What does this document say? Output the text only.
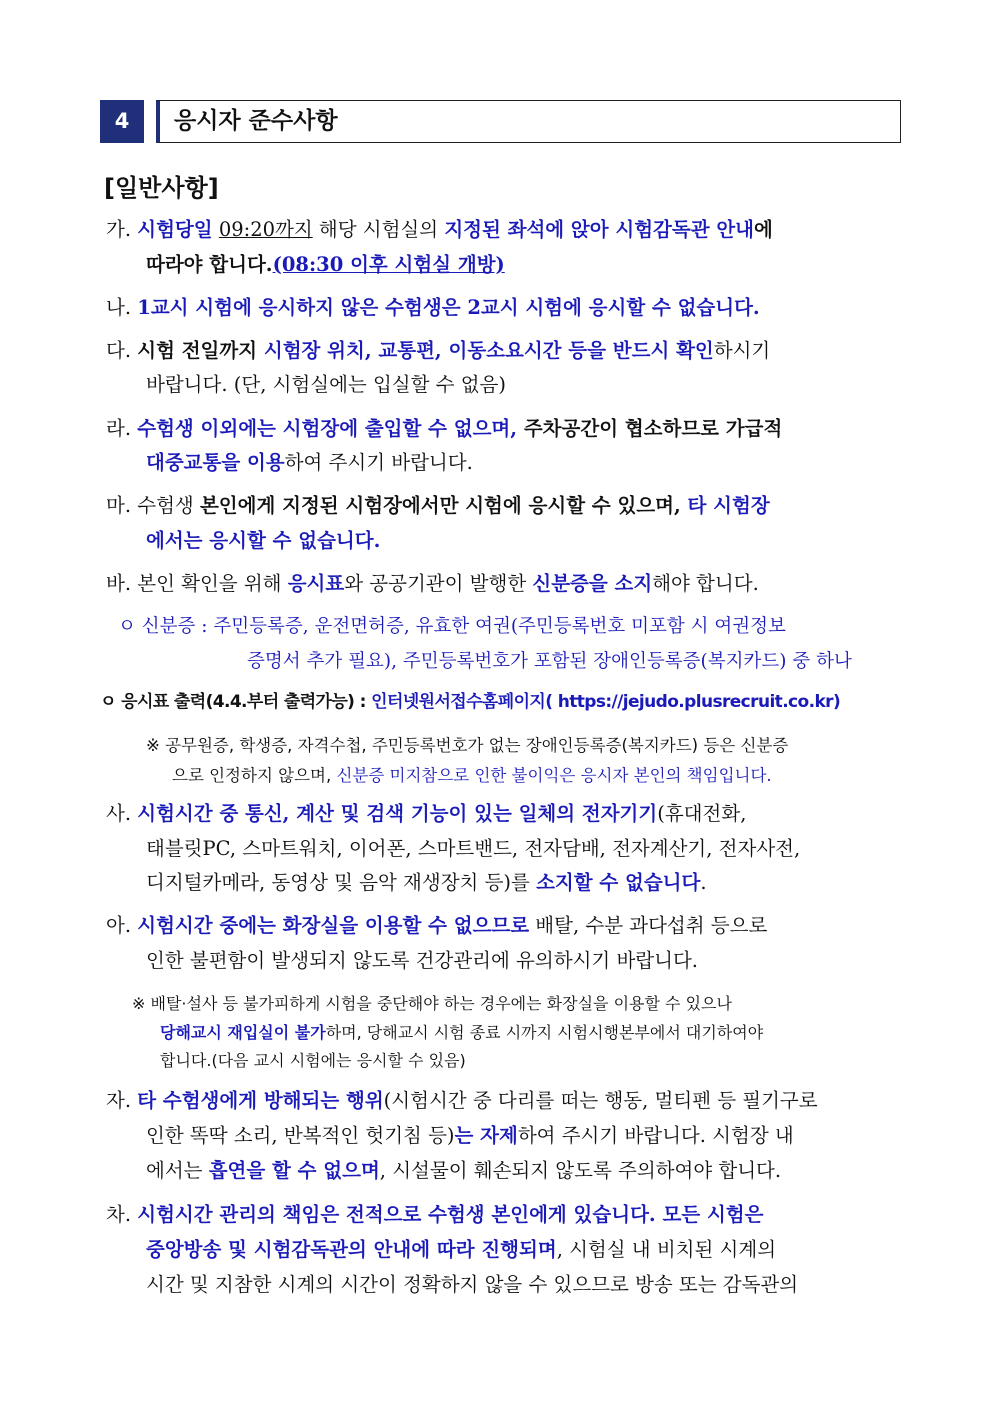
4	응시자 준수사항
[일반사항]
가. 시험당일 09:20까지 해당 시험실의 지정된 좌석에 앉아 시험감독관 안내에
따라야 합니다.(08:30 이후 시험실 개방)
나. 1교시 시험에 응시하지 않은 수험생은 2교시 시험에 응시할 수 없습니다.
다. 시험 전일까지 시험장 위치, 교통편, 이동소요시간 등을 반드시 확인하시기
바랍니다. (단, 시험실에는 입실할 수 없음)
라. 수험생 이외에는 시험장에 출입할 수 없으며, 주차공간이 협소하므로 가급적
대중교통을 이용하여 주시기 바랍니다.
마. 수험생 본인에게 지정된 시험장에서만 시험에 응시할 수 있으며, 타 시험장
에서는 응시할 수 없습니다.
바. 본인 확인을 위해 응시표와 공공기관이 발행한 신분증을 소지해야 합니다.
ㅇ 신분증 : 주민등록증, 운전면허증, 유효한 여권(주민등록번호 미포함 시 여권정보
증명서 추가 필요), 주민등록번호가 포함된 장애인등록증(복지카드) 중 하나
ㅇ 응시표 출력(4.4.부터 출력가능) : 인터넷원서접수홈페이지( https://jejudo.plusrecruit.co.kr)
※ 공무원증, 학생증, 자격수첩, 주민등록번호가 없는 장애인등록증(복지카드) 등은 신분증
으로 인정하지 않으며, 신분증 미지참으로 인한 불이익은 응시자 본인의 책임입니다.
사. 시험시간 중 통신, 계산 및 검색 기능이 있는 일체의 전자기기(휴대전화,
태블릿PC, 스마트워치, 이어폰, 스마트밴드, 전자담배, 전자계산기, 전자사전,
디지털카메라, 동영상 및 음악 재생장치 등)를 소지할 수 없습니다.
아. 시험시간 중에는 화장실을 이용할 수 없으므로 배탈, 수분 과다섭취 등으로
인한 불편함이 발생되지 않도록 건강관리에 유의하시기 바랍니다.
※ 배탈·설사 등 불가피하게 시험을 중단해야 하는 경우에는 화장실을 이용할 수 있으나
당해교시 재입실이 불가하며, 당해교시 시험 종료 시까지 시험시행본부에서 대기하여야
합니다.(다음 교시 시험에는 응시할 수 있음)
자. 타 수험생에게 방해되는 행위(시험시간 중 다리를 떠는 행동, 멀티펜 등 필기구로
인한 똑딱 소리, 반복적인 헛기침 등)는 자제하여 주시기 바랍니다. 시험장 내
에서는 흡연을 할 수 없으며, 시설물이 훼손되지 않도록 주의하여야 합니다.
차. 시험시간 관리의 책임은 전적으로 수험생 본인에게 있습니다. 모든 시험은
중앙방송 및 시험감독관의 안내에 따라 진행되며, 시험실 내 비치된 시계의
시간 및 지참한 시계의 시간이 정확하지 않을 수 있으므로 방송 또는 감독관의
